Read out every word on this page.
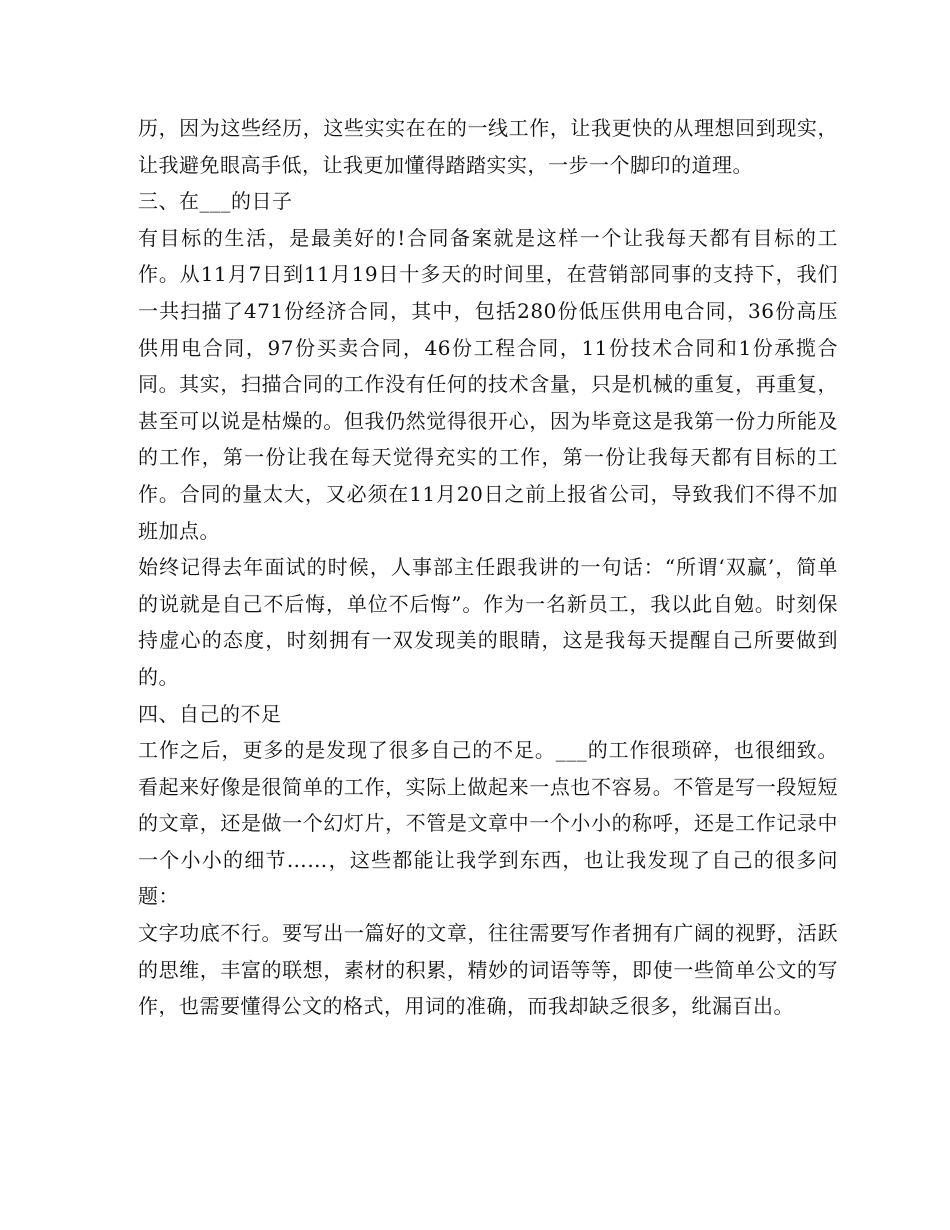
历，因为这些经历，这些实实在在的一线工作，让我更快的从理想回到现实，让我避免眼高手低，让我更加懂得踏踏实实，一步一个脚印的道理。

三、在___的日子

有目标的生活，是最美好的!合同备案就是这样一个让我每天都有目标的工作。从11月7日到11月19日十多天的时间里，在营销部同事的支持下，我们一共扫描了471份经济合同，其中，包括280份低压供用电合同，36份高压供用电合同，97份买卖合同，46份工程合同，11份技术合同和1份承揽合同。其实，扫描合同的工作没有任何的技术含量，只是机械的重复，再重复，甚至可以说是枯燥的。但我仍然觉得很开心，因为毕竟这是我第一份力所能及的工作，第一份让我在每天觉得充实的工作，第一份让我每天都有目标的工作。合同的量太大，又必须在11月20日之前上报省公司，导致我们不得不加班加点。

始终记得去年面试的时候，人事部主任跟我讲的一句话：“所谓‘双赢’，简单的说就是自己不后悔，单位不后悔”。作为一名新员工，我以此自勉。时刻保持虚心的态度，时刻拥有一双发现美的眼睛，这是我每天提醒自己所要做到的。

四、自己的不足

工作之后，更多的是发现了很多自己的不足。___的工作很琐碎，也很细致。看起来好像是很简单的工作，实际上做起来一点也不容易。不管是写一段短短的文章，还是做一个幻灯片，不管是文章中一个小小的称呼，还是工作记录中一个小小的细节……，这些都能让我学到东西，也让我发现了自己的很多问题：

文字功底不行。要写出一篇好的文章，往往需要写作者拥有广阔的视野，活跃的思维，丰富的联想，素材的积累，精妙的词语等等，即使一些简单公文的写作，也需要懂得公文的格式，用词的准确，而我却缺乏很多，纰漏百出。
